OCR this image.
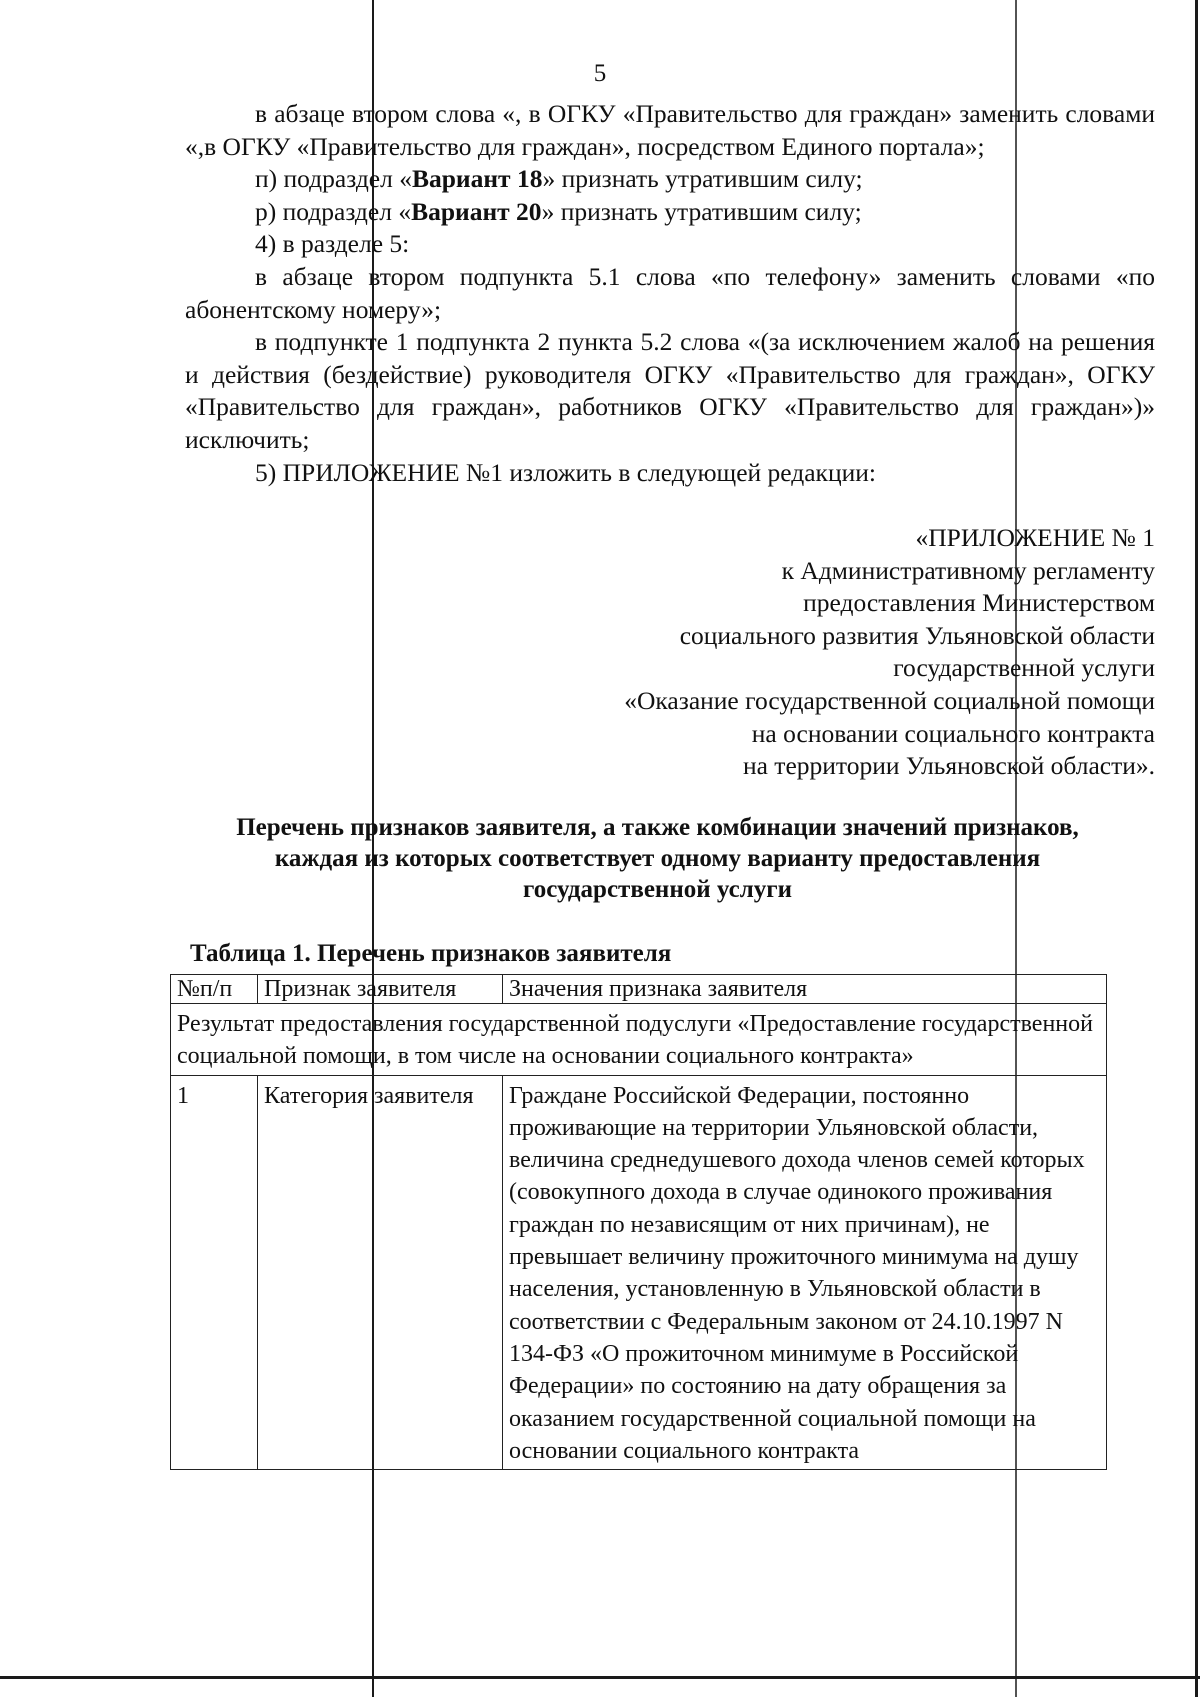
5

в абзаце втором слова «, в ОГКУ «Правительство для граждан» заменить словами «,в ОГКУ «Правительство для граждан», посредством Единого портала»;

п) подраздел «Вариант 18» признать утратившим силу;

р) подраздел «Вариант 20» признать утратившим силу;

4) в разделе 5:

в абзаце втором подпункта 5.1 слова «по телефону» заменить словами «по абонентскому номеру»;

в подпункте 1 подпункта 2 пункта 5.2 слова «(за исключением жалоб на решения и действия (бездействие) руководителя ОГКУ «Правительство для граждан», ОГКУ «Правительство для граждан», работников ОГКУ «Правительство для граждан»)» исключить;

5) ПРИЛОЖЕНИЕ №1 изложить в следующей редакции:

«ПРИЛОЖЕНИЕ № 1
к Административному регламенту
предоставления Министерством
социального развития Ульяновской области
государственной услуги
«Оказание государственной социальной помощи
на основании социального контракта
на территории Ульяновской области».
Перечень признаков заявителя, а также комбинации значений признаков,
каждая из которых соответствует одному варианту предоставления
государственной услуги
Таблица 1. Перечень признаков заявителя
№п/п	Признак заявителя	Значения признака заявителя
Результат предоставления государственной подуслуги «Предоставление государственной социальной помощи, в том числе на основании социального контракта»		
1	Категория заявителя	Граждане Российской Федерации, постоянно проживающие на территории Ульяновской области, величина среднедушевого дохода членов семей которых (совокупного дохода в случае одинокого проживания граждан по независящим от них причинам), не превышает величину прожиточного минимума на душу населения, установленную в Ульяновской области в соответствии с Федеральным законом от 24.10.1997 N 134-ФЗ «О прожиточном минимуме в Российской Федерации» по состоянию на дату обращения за оказанием государственной социальной помощи на основании социального контракта
